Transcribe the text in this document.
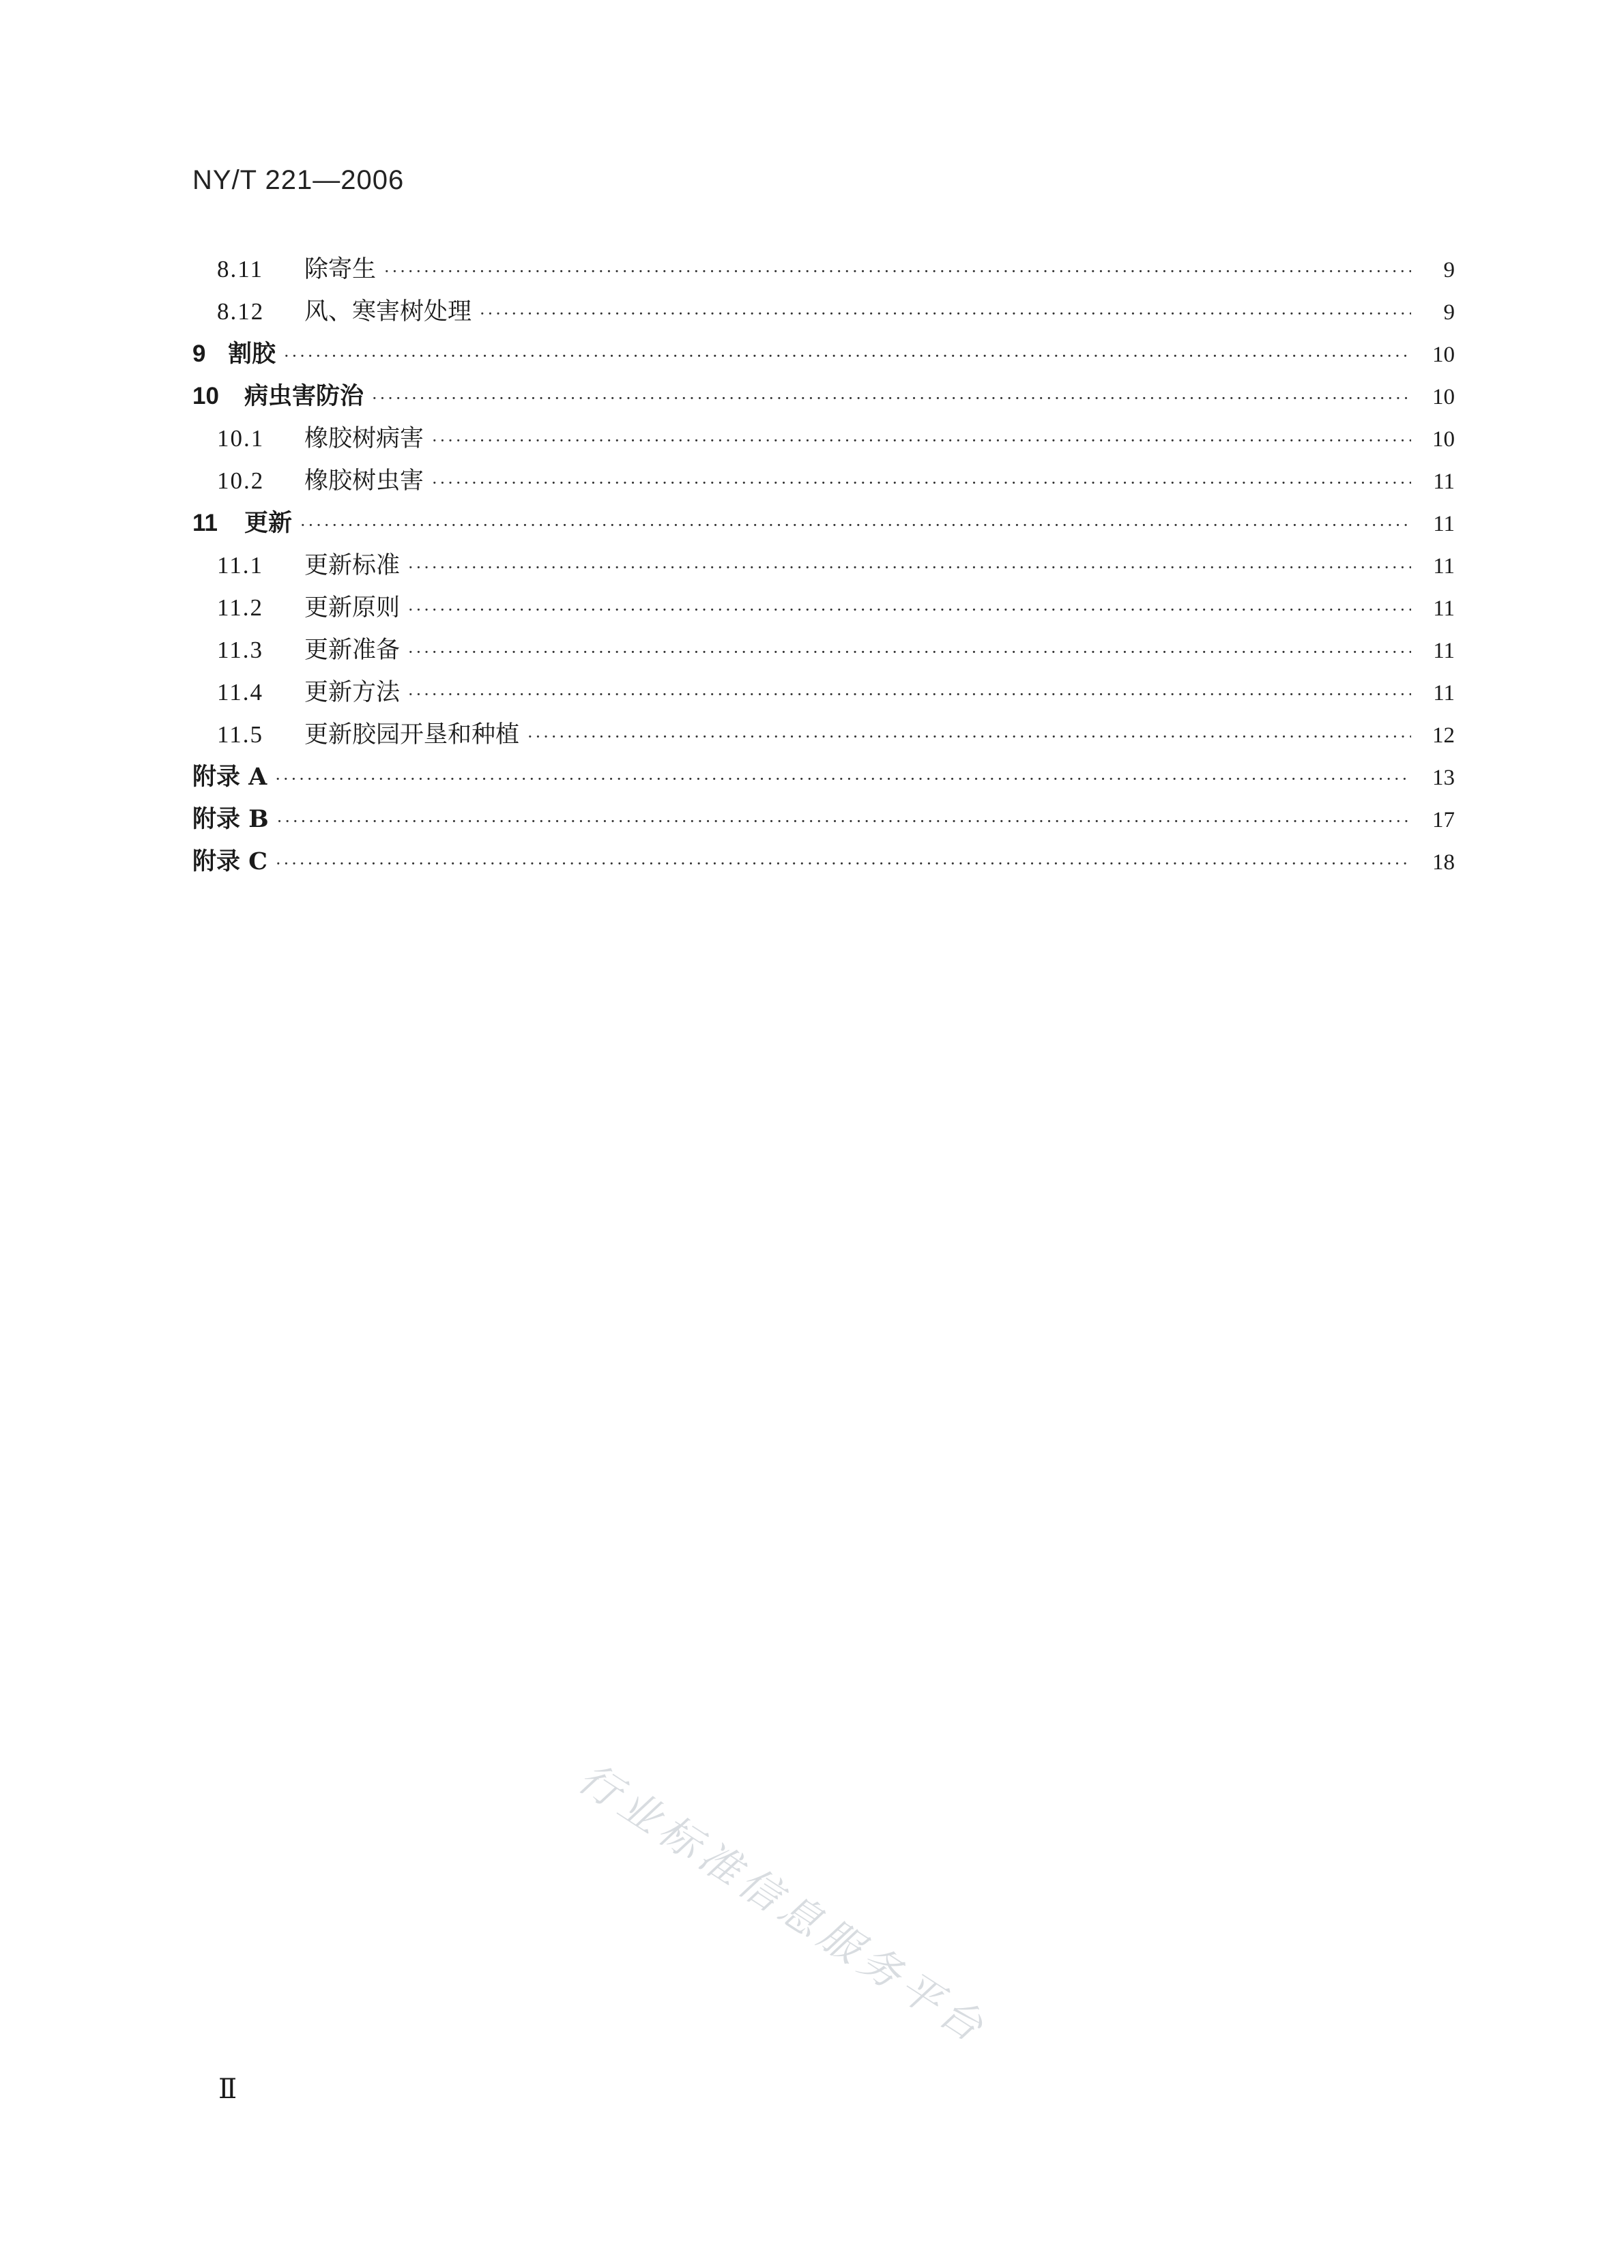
NY/T 221—2006
8.11	除寄生 ·····	9
8.12	风、寒害树处理 ·····	9
9 割胶 ·····	10
10	病虫害防治 ·····	10
10.1	橡胶树病害 ·····	10
10.2	橡胶树虫害 ·····	11
11	更新 ·····	11
11.1	更新标准 ·····	11
11.2	更新原则 ·····	11
11.3	更新准备 ·····	11
11.4	更新方法 ·····	11
11.5	更新胶园开垦和种植 ·····	12
附录 A ·····	13
附录 B ·····	17
附录 C ·····	18
行业标准信息服务平台
Ⅱ
